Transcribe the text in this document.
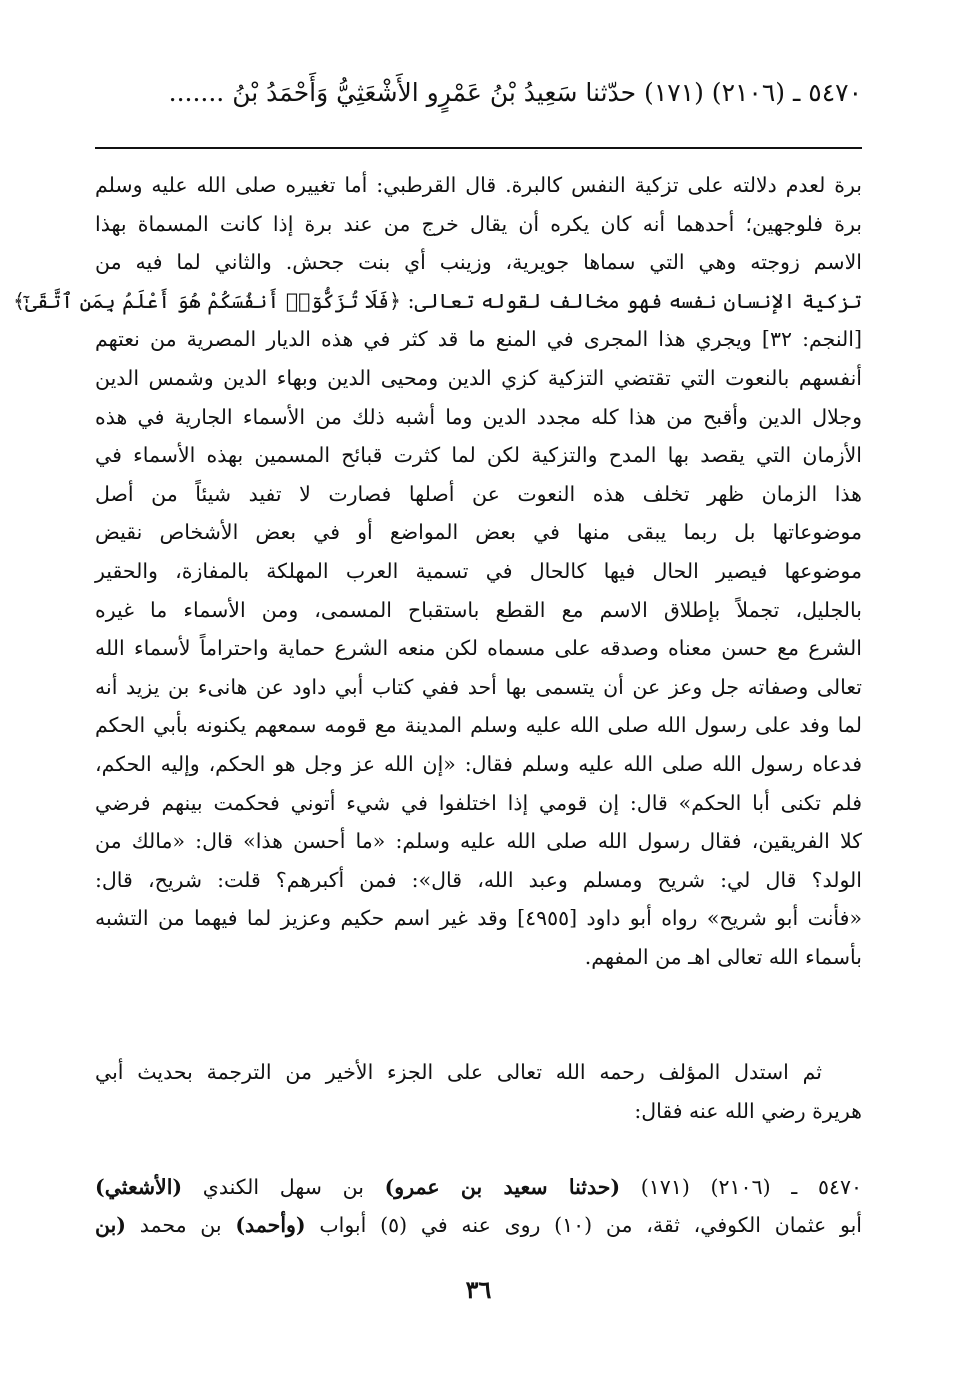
٥٤٧٠ ـ (٢١٠٦) (١٧١) حدّثنا سَعِيدُ بْنُ عَمْرٍو الأَشْعَثِيُّ وَأَحْمَدُ بْنُ .......
برة لعدم دلالته على تزكية النفس كالبرة. قال القرطبي: أما تغييره صلى الله عليه وسلم
برة فلوجهين؛ أحدهما أنه كان يكره أن يقال خرج من عند برة إذا كانت المسماة بهذا
الاسم زوجته وهي التي سماها جويرية، وزينب أي بنت جحش. والثاني لما فيه من
تزكية الإنسان نفسه فهو مخالف لقوله تعالى: ﴿فَلَا تُزَكُّوٓا۟ أَنفُسَكُمْ هُوَ أَعْلَمُ بِمَنِ ٱتَّقَىٰٓ﴾
[النجم: ٣٢] ويجري هذا المجرى في المنع ما قد كثر في هذه الديار المصرية من نعتهم
أنفسهم بالنعوت التي تقتضي التزكية كزي الدين ومحيى الدين وبهاء الدين وشمس الدين
وجلال الدين وأقبح من هذا كله مجدد الدين وما أشبه ذلك من الأسماء الجارية في هذه
الأزمان التي يقصد بها المدح والتزكية لكن لما كثرت قبائح المسمين بهذه الأسماء في
هذا الزمان ظهر تخلف هذه النعوت عن أصلها فصارت لا تفيد شيئاً من أصل
موضوعاتها بل ربما يبقى منها في بعض المواضع أو في بعض الأشخاص نقيض
موضوعها فيصير الحال فيها كالحال في تسمية العرب المهلكة بالمفازة، والحقير
بالجليل، تجملاً بإطلاق الاسم مع القطع باستقباح المسمى، ومن الأسماء ما غيره
الشرع مع حسن معناه وصدقه على مسماه لكن منعه الشرع حماية واحتراماً لأسماء الله
تعالى وصفاته جل وعز عن أن يتسمى بها أحد ففي كتاب أبي داود عن هانىء بن يزيد أنه
لما وفد على رسول الله صلى الله عليه وسلم المدينة مع قومه سمعهم يكنونه بأبي الحكم
فدعاه رسول الله صلى الله عليه وسلم فقال: «إن الله عز وجل هو الحكم، وإليه الحكم،
فلم تكنى أبا الحكم» قال: إن قومي إذا اختلفوا في شيء أتوني فحكمت بينهم فرضي
كلا الفريقين، فقال رسول الله صلى الله عليه وسلم: «ما أحسن هذا» قال: «مالك من
الولد؟ قال لي: شريح ومسلم وعبد الله، قال»: فمن أكبرهم؟ قلت: شريح، قال:
«فأنت أبو شريح» رواه أبو داود [٤٩٥٥] وقد غير اسم حكيم وعزيز لما فيهما من التشبه
بأسماء الله تعالى اهـ من المفهم.
ثم استدل المؤلف رحمه الله تعالى على الجزء الأخير من الترجمة بحديث أبي
هريرة رضي الله عنه فقال:
٥٤٧٠ ـ (٢١٠٦) (١٧١) (حدثنا سعيد بن عمرو) بن سهل الكندي (الأشعثي)
أبو عثمان الكوفي، ثقة، من (١٠) روى عنه في (٥) أبواب (وأحمد) بن محمد (بن
٣٦
